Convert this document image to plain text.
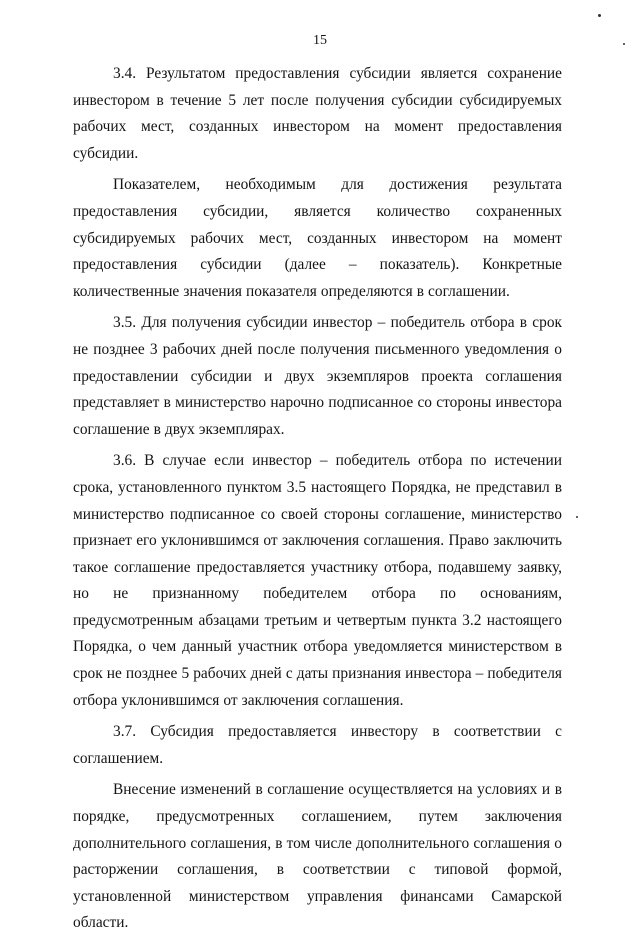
15

3.4. Результатом предоставления субсидии является сохранение инвестором в течение 5 лет после получения субсидии субсидируемых рабочих мест, созданных инвестором на момент предоставления субсидии.

Показателем, необходимым для достижения результата предоставления субсидии, является количество сохраненных субсидируемых рабочих мест, созданных инвестором на момент предоставления субсидии (далее – показатель). Конкретные количественные значения показателя определяются в соглашении.

3.5. Для получения субсидии инвестор – победитель отбора в срок не позднее 3 рабочих дней после получения письменного уведомления о предоставлении субсидии и двух экземпляров проекта соглашения представляет в министерство нарочно подписанное со стороны инвестора соглашение в двух экземплярах.

3.6. В случае если инвестор – победитель отбора по истечении срока, установленного пунктом 3.5 настоящего Порядка, не представил в министерство подписанное со своей стороны соглашение, министерство признает его уклонившимся от заключения соглашения. Право заключить такое соглашение предоставляется участнику отбора, подавшему заявку, но не признанному победителем отбора по основаниям, предусмотренным абзацами третьим и четвертым пункта 3.2 настоящего Порядка, о чем данный участник отбора уведомляется министерством в срок не позднее 5 рабочих дней с даты признания инвестора – победителя отбора уклонившимся от заключения соглашения.

3.7. Субсидия предоставляется инвестору в соответствии с соглашением.

Внесение изменений в соглашение осуществляется на условиях и в порядке, предусмотренных соглашением, путем заключения дополнительного соглашения, в том числе дополнительного соглашения о расторжении соглашения, в соответствии с типовой формой, установленной министерством управления финансами Самарской области.
